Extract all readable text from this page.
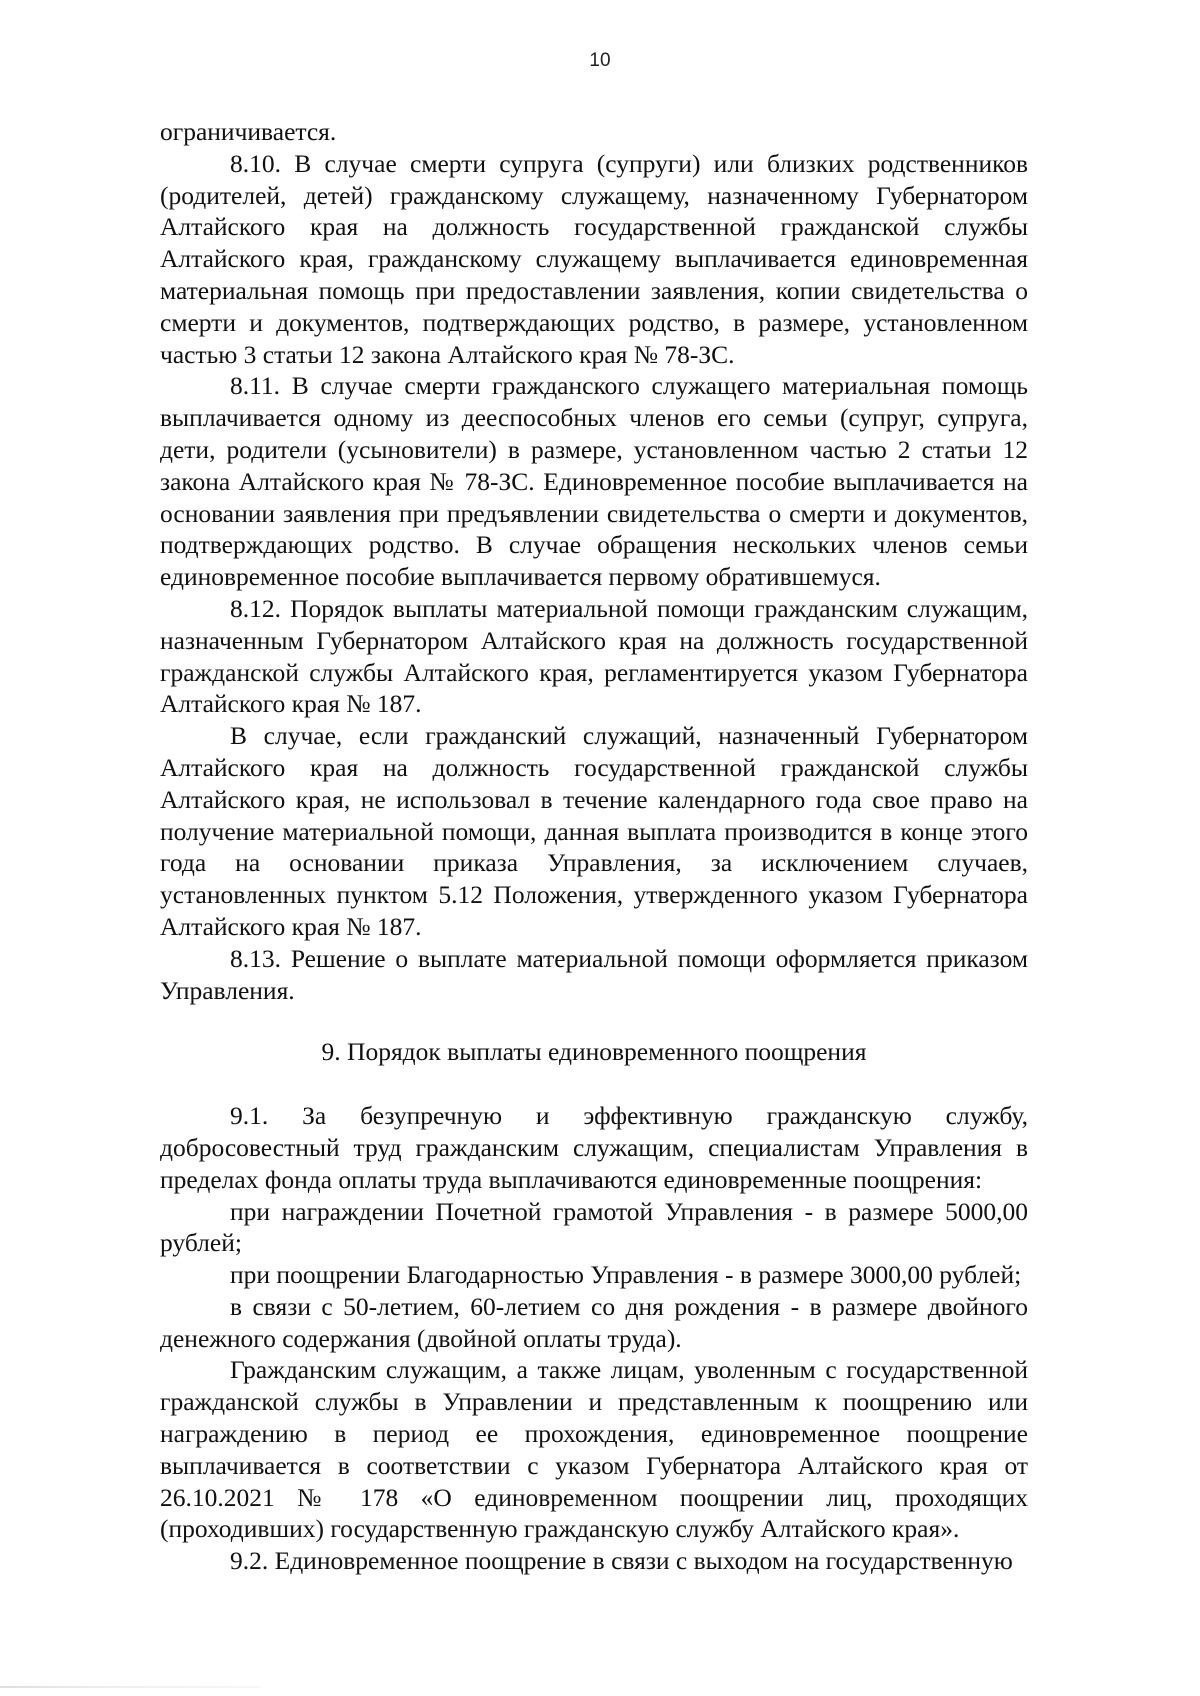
10

ограничивается.

8.10. В случае смерти супруга (супруги) или близких родственников (родителей, детей) гражданскому служащему, назначенному Губернатором Алтайского края на должность государственной гражданской службы Алтайского края, гражданскому служащему выплачивается единовременная материальная помощь при предоставлении заявления, копии свидетельства о смерти и документов, подтверждающих родство, в размере, установленном частью 3 статьи 12 закона Алтайского края № 78-ЗС.

8.11. В случае смерти гражданского служащего материальная помощь выплачивается одному из дееспособных членов его семьи (супруг, супруга, дети, родители (усыновители) в размере, установленном частью 2 статьи 12 закона Алтайского края № 78-ЗС. Единовременное пособие выплачивается на основании заявления при предъявлении свидетельства о смерти и документов, подтверждающих родство. В случае обращения нескольких членов семьи единовременное пособие выплачивается первому обратившемуся.

8.12. Порядок выплаты материальной помощи гражданским служащим, назначенным Губернатором Алтайского края на должность государственной гражданской службы Алтайского края, регламентируется указом Губернатора Алтайского края № 187.

В случае, если гражданский служащий, назначенный Губернатором Алтайского края на должность государственной гражданской службы Алтайского края, не использовал в течение календарного года свое право на получение материальной помощи, данная выплата производится в конце этого года на основании приказа Управления, за исключением случаев, установленных пунктом 5.12 Положения, утвержденного указом Губернатора Алтайского края № 187.

8.13. Решение о выплате материальной помощи оформляется приказом Управления.

9. Порядок выплаты единовременного поощрения

9.1. За безупречную и эффективную гражданскую службу, добросовестный труд гражданским служащим, специалистам Управления в пределах фонда оплаты труда выплачиваются единовременные поощрения:

при награждении Почетной грамотой Управления - в размере 5000,00 рублей;

при поощрении Благодарностью Управления - в размере 3000,00 рублей;

в связи с 50-летием, 60-летием со дня рождения - в размере двойного денежного содержания (двойной оплаты труда).

Гражданским служащим, а также лицам, уволенным с государственной гражданской службы в Управлении и представленным к поощрению или награждению в период ее прохождения, единовременное поощрение выплачивается в соответствии с указом Губернатора Алтайского края от 26.10.2021 № 178 «О единовременном поощрении лиц, проходящих (проходивших) государственную гражданскую службу Алтайского края».

9.2. Единовременное поощрение в связи с выходом на государственную
